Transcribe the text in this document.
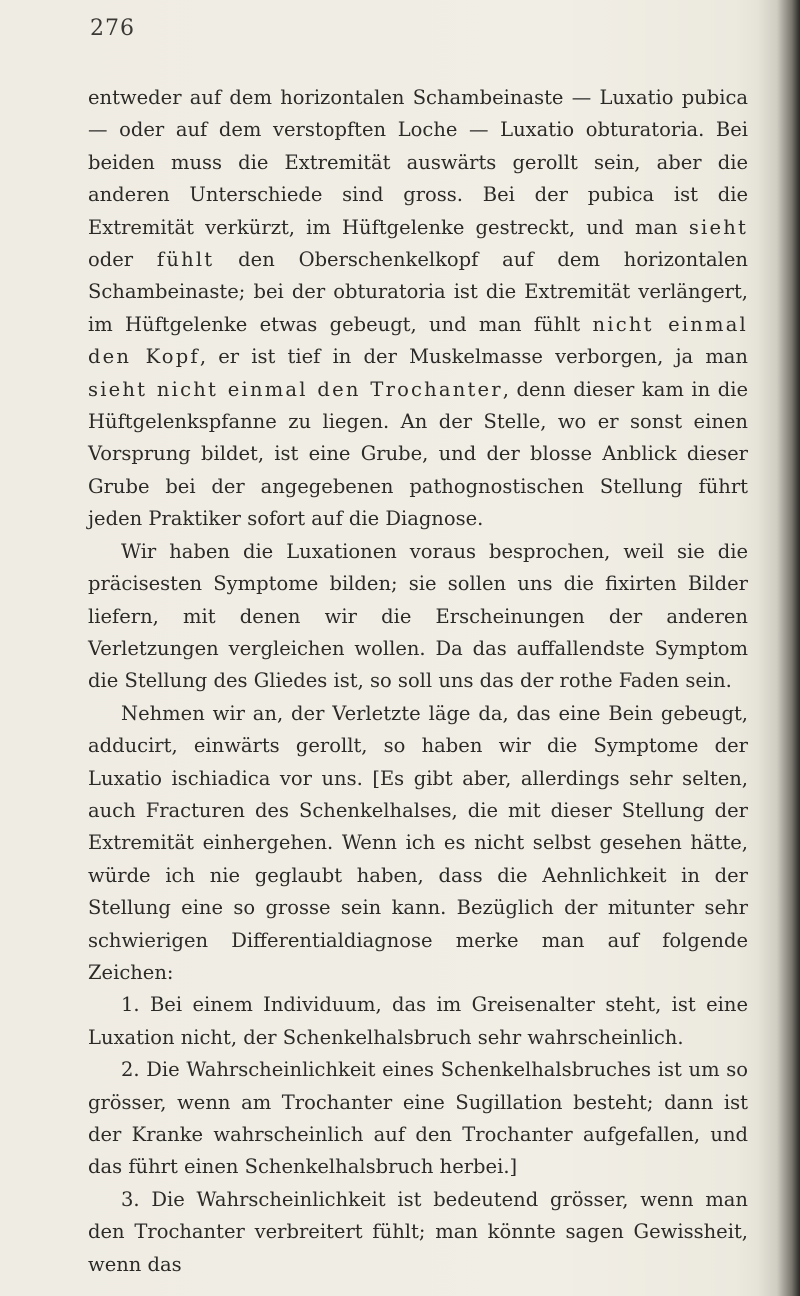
276

entweder auf dem horizontalen Schambeinaste — Luxatio pubica — oder auf dem verstopften Loche — Luxatio obturatoria. Bei beiden muss die Extremität auswärts gerollt sein, aber die anderen Unterschiede sind gross. Bei der pubica ist die Extremität verkürzt, im Hüftgelenke gestreckt, und man sieht oder fühlt den Oberschenkelkopf auf dem horizontalen Schambeinaste; bei der obturatoria ist die Extremität verlängert, im Hüftgelenke etwas gebeugt, und man fühlt nicht einmal den Kopf, er ist tief in der Muskelmasse verborgen, ja man sieht nicht einmal den Trochanter, denn dieser kam in die Hüftgelenkspfanne zu liegen. An der Stelle, wo er sonst einen Vorsprung bildet, ist eine Grube, und der blosse Anblick dieser Grube bei der angegebenen pathognostischen Stellung führt jeden Praktiker sofort auf die Diagnose.

Wir haben die Luxationen voraus besprochen, weil sie die präcisesten Symptome bilden; sie sollen uns die fixirten Bilder liefern, mit denen wir die Erscheinungen der anderen Verletzungen vergleichen wollen. Da das auffallendste Symptom die Stellung des Gliedes ist, so soll uns das der rothe Faden sein.

Nehmen wir an, der Verletzte läge da, das eine Bein gebeugt, adducirt, einwärts gerollt, so haben wir die Symptome der Luxatio ischiadica vor uns. [Es gibt aber, allerdings sehr selten, auch Fracturen des Schenkelhalses, die mit dieser Stellung der Extremität einhergehen. Wenn ich es nicht selbst gesehen hätte, würde ich nie geglaubt haben, dass die Aehnlichkeit in der Stellung eine so grosse sein kann. Bezüglich der mitunter sehr schwierigen Differentialdiagnose merke man auf folgende Zeichen:

1. Bei einem Individuum, das im Greisenalter steht, ist eine Luxation nicht, der Schenkelhalsbruch sehr wahrscheinlich.

2. Die Wahrscheinlichkeit eines Schenkelhalsbruches ist um so grösser, wenn am Trochanter eine Sugillation besteht; dann ist der Kranke wahrscheinlich auf den Trochanter aufgefallen, und das führt einen Schenkelhalsbruch herbei.]

3. Die Wahrscheinlichkeit ist bedeutend grösser, wenn man den Trochanter verbreitert fühlt; man könnte sagen Gewissheit, wenn das
